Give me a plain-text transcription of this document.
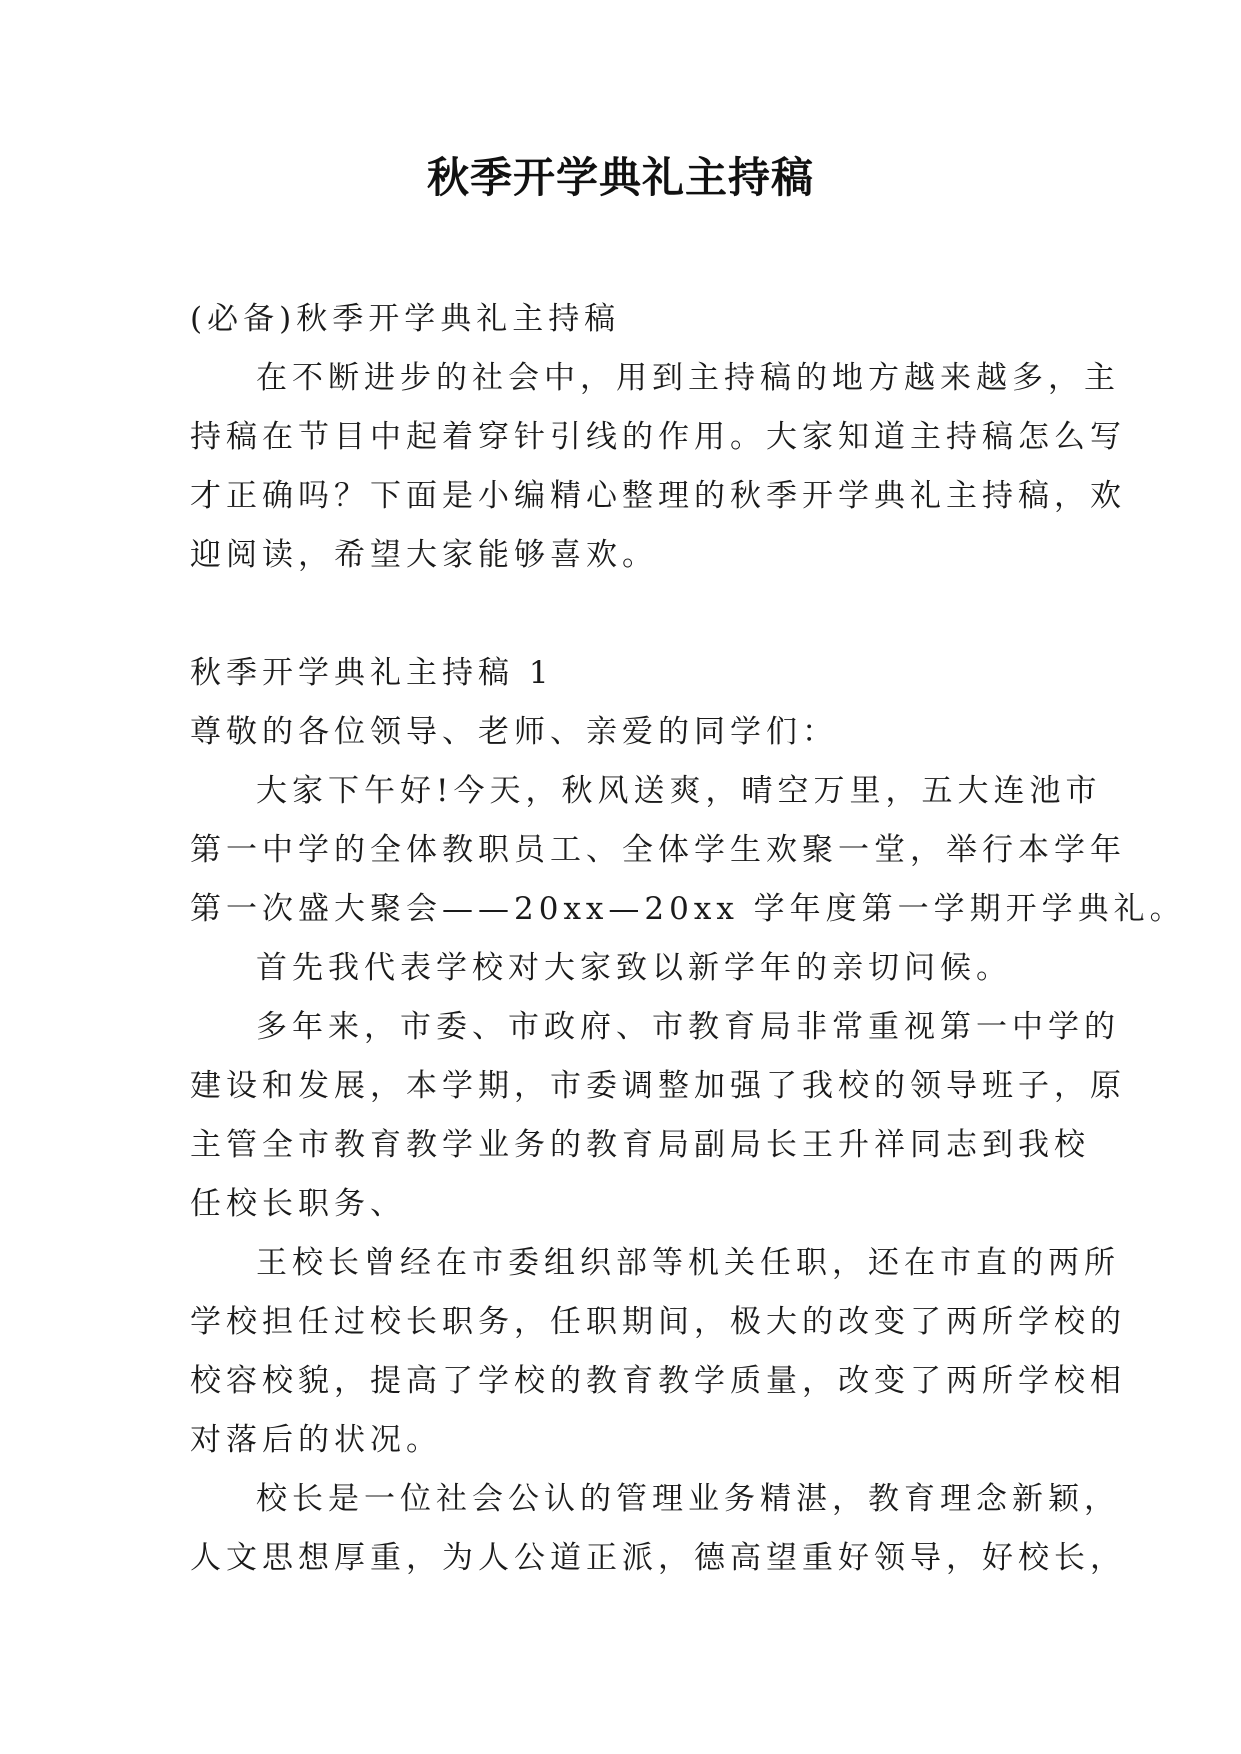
秋季开学典礼主持稿

(必备)秋季开学典礼主持稿

在不断进步的社会中，用到主持稿的地方越来越多，主

持稿在节目中起着穿针引线的作用。大家知道主持稿怎么写

才正确吗？下面是小编精心整理的秋季开学典礼主持稿，欢

迎阅读，希望大家能够喜欢。

秋季开学典礼主持稿 1

尊敬的各位领导、老师、亲爱的同学们：

大家下午好!今天，秋风送爽，晴空万里，五大连池市

第一中学的全体教职员工、全体学生欢聚一堂，举行本学年

第一次盛大聚会——20xx—20xx 学年度第一学期开学典礼。

首先我代表学校对大家致以新学年的亲切问候。

多年来，市委、市政府、市教育局非常重视第一中学的

建设和发展，本学期，市委调整加强了我校的领导班子，原

主管全市教育教学业务的教育局副局长王升祥同志到我校

任校长职务、

王校长曾经在市委组织部等机关任职，还在市直的两所

学校担任过校长职务，任职期间，极大的改变了两所学校的

校容校貌，提高了学校的教育教学质量，改变了两所学校相

对落后的状况。

校长是一位社会公认的管理业务精湛，教育理念新颖，

人文思想厚重，为人公道正派，德高望重好领导，好校长，
